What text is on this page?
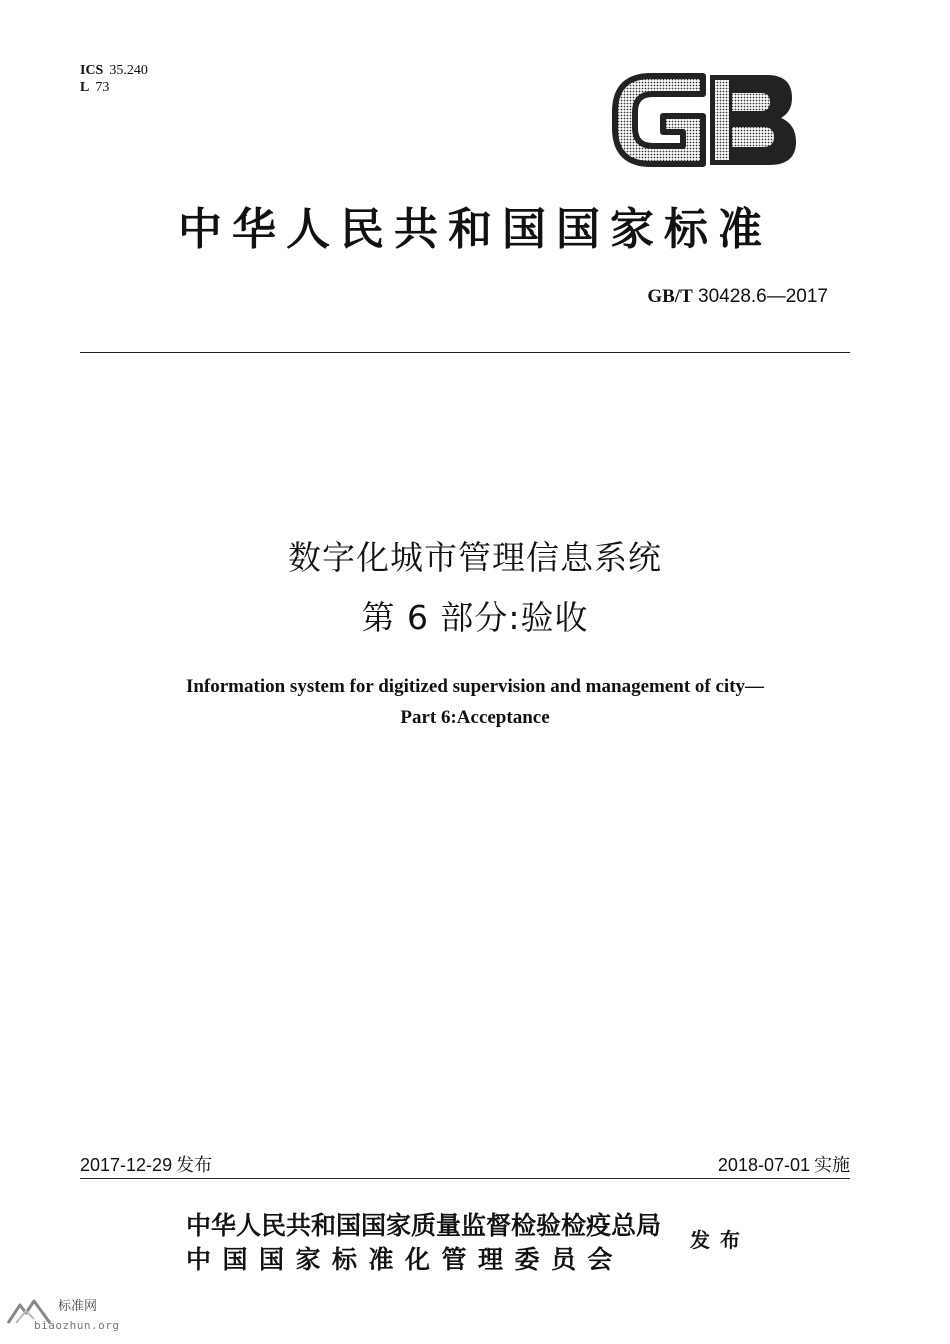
ICS 35.240
L 73
中华人民共和国国家标准
GB/T 30428.6—2017
数字化城市管理信息系统
第 6 部分:验收
Information system for digitized supervision and management of city—
Part 6:Acceptance
2017-12-29 发布	2018-07-01 实施
中华人民共和国国家质量监督检验检疫总局
中国国家标准化管理委员会
发布
标准网
biaozhun.org
